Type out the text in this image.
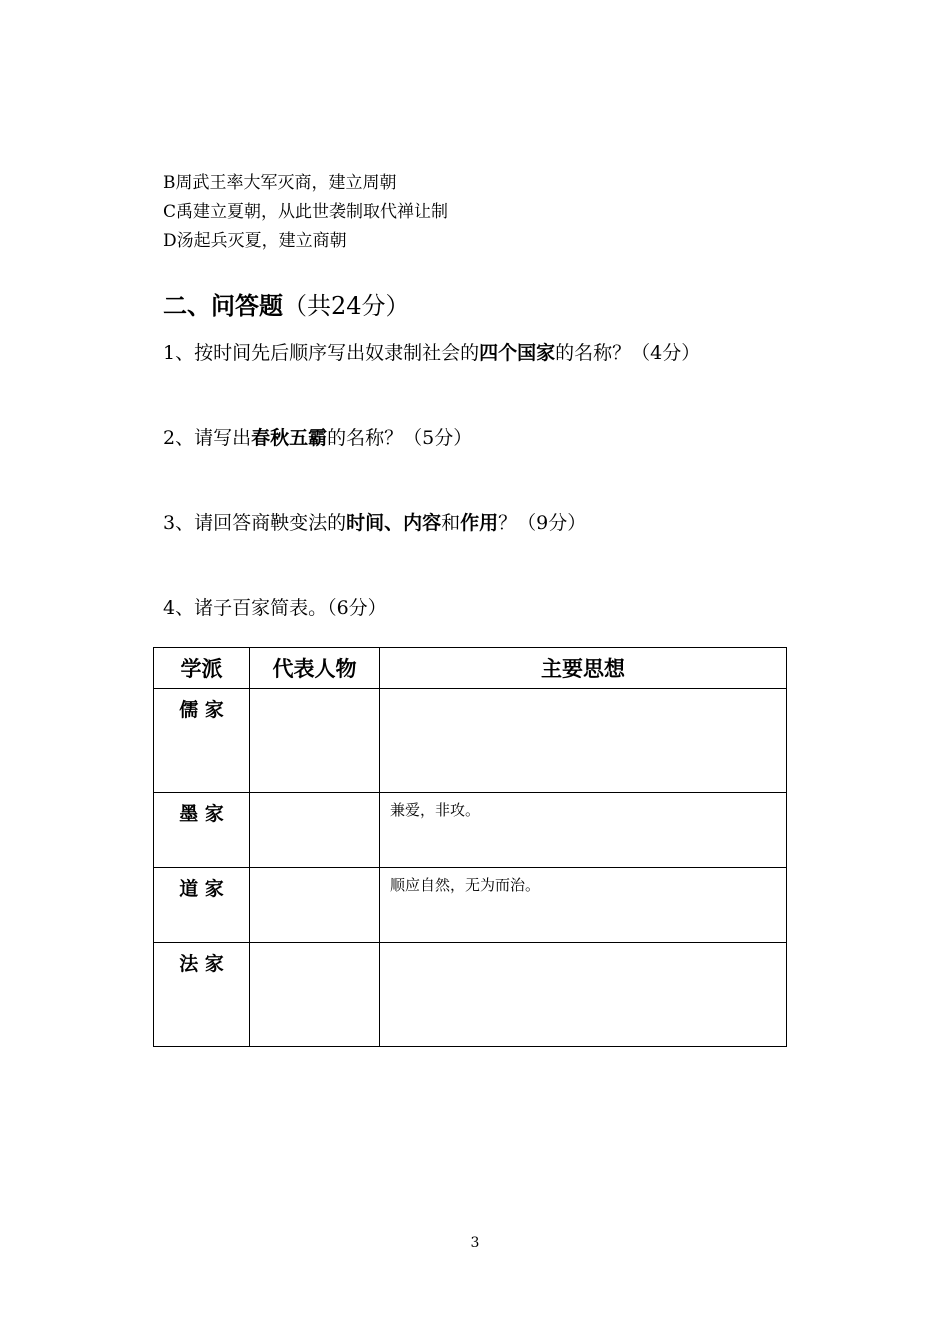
B周武王率大军灭商，建立周朝
C禹建立夏朝，从此世袭制取代禅让制
D汤起兵灭夏，建立商朝
二、问答题（共24分）
1、按时间先后顺序写出奴隶制社会的四个国家的名称？（4分）
2、请写出春秋五霸的名称？（5分）
3、请回答商鞅变法的时间、内容和作用？（9分）
4、诸子百家简表。（6分）
学派	代表人物	主要思想
儒 家		
墨 家		兼爱，非攻。
道 家		顺应自然，无为而治。
法 家		
3
